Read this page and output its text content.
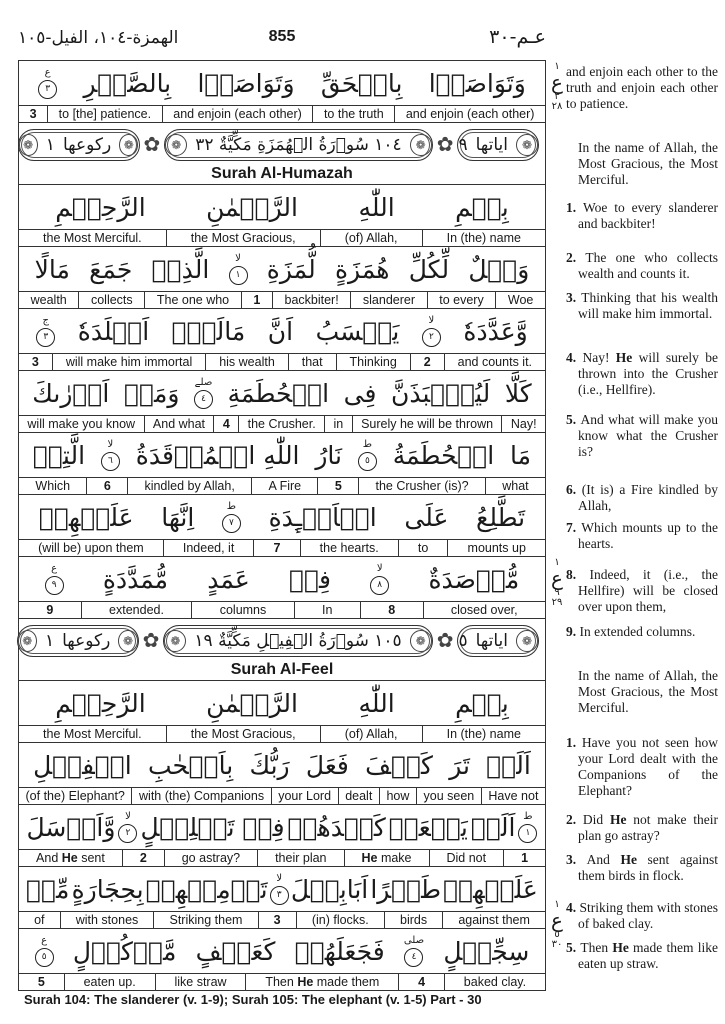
الهمزة-١٠٤، الفيل-١٠٥	855	عـم-٣٠
وَتَوَاصَوۡا
بِالۡحَقِّ
وَتَوَاصَوۡا
بِالصَّبۡرِ
ع
٣
and enjoin (each other)
to the truth
and enjoin (each other)
to [the] patience.
3
❁
اياتها
٩
✿
❁
١٠٤ سُوۡرَةُ الۡهُمَزَةِ مَكِّيَّةٌ ٣٢
❁
✿
❁
ركوعها
١
❁
Surah Al-Humazah
بِسۡمِ
اللّٰهِ
الرَّحۡمٰنِ
الرَّحِيۡمِ
In (the) name
(of) Allah,
the Most Gracious,
the Most Merciful.
وَيۡلٌ
لِّكُلِّ
هُمَزَةٍ
لُّمَزَةِ
لا
١
الَّذِىۡ
جَمَعَ
مَالًا
Woe
to every
slanderer
backbiter!
1
The one who
collects
wealth
وَّعَدَّدَهٗ
لا
٢
يَحۡسَبُ
اَنَّ
مَالَهٗۤ
اَخۡلَدَهٗ
ج
٣
and counts it.
2
Thinking
that
his wealth
will make him immortal
3
كَلَّا
لَيُنۡۢبَذَنَّ
فِى
الۡحُطَمَةِ
صلے
٤
وَمَاۤ
اَدۡرٰىكَ
Nay!
Surely he will be thrown
in
the Crusher.
4
And what
will make you know
مَا
الۡحُطَمَةُ
ط
٥
نَارُ
اللّٰهِ الۡمُوۡقَدَةُ
لا
٦
الَّتِىۡ
what
the Crusher (is)?
5
A Fire
kindled by Allah,
6
Which
تَطَّلِعُ
عَلَى
الۡاَفۡـِٕدَةِ
ط
٧
اِنَّهَا
عَلَيۡهِمۡ
mounts up
to
the hearts.
7
Indeed, it
(will be) upon them
مُّؤۡصَدَةٌ
لا
٨
فِىۡ
عَمَدٍ
مُّمَدَّدَةٍ
ع
٩
closed over,
8
In
columns
extended.
9
❁
اياتها
٥
✿
❁
١٠٥ سُوۡرَةُ الۡفِيۡلِ مَكِّيَّةٌ ١٩
❁
✿
❁
ركوعها
١
❁
Surah Al-Feel
بِسۡمِ
اللّٰهِ
الرَّحۡمٰنِ
الرَّحِيۡمِ
In (the) name
(of) Allah,
the Most Gracious,
the Most Merciful.
اَلَمۡ
تَرَ
كَيۡفَ
فَعَلَ
رَبُّكَ
بِاَصۡحٰبِ
الۡفِيۡلِ
Have not
you seen
how
dealt
your Lord
with (the) Companions
(of the) Elephant?
ط
١
اَلَمۡ
يَجۡعَلۡ
كَيۡدَهُمۡ
فِىۡ تَضۡلِيۡلٍ
لا
٢
وَّاَرۡسَلَ
1
Did not
He make
their plan
go astray?
2
And He sent
عَلَيۡهِمۡ
طَيۡرًا
اَبَابِيۡلَ
لا
٣
تَرۡمِيۡهِمۡ
بِحِجَارَةٍ
مِّنۡ
against them
birds
(in) flocks.
3
Striking them
with stones
of
سِجِّيۡلٍ
صلى
٤
فَجَعَلَهُمۡ
كَعَصۡفٍ
مَّاۡكُوۡلٍ
ع
٥
baked clay.
4
Then He made them
like straw
eaten up.
5
and enjoin each other to the truth and enjoin each other to patience.
In the name of Allah, the Most Gracious, the Most Merciful.
1. Woe to every slanderer and backbiter!
2. The one who collects wealth and counts it.
3. Thinking that his wealth will make him immortal.
4. Nay! He will surely be thrown into the Crusher (i.e., Hellfire).
5. And what will make you know what the Crusher is?
6. (It is) a Fire kindled by Allah,
7. Which mounts up to the hearts.
8. Indeed, it (i.e., the Hellfire) will be closed over upon them,
9. In extended columns.
In the name of Allah, the Most Gracious, the Most Merciful.
1. Have you not seen how your Lord dealt with the Companions of the Elephant?
2. Did He not make their plan go astray?
3. And He sent against them birds in flock.
4. Striking them with stones of baked clay.
5. Then He made them like eaten up straw.
Surah 104: The slanderer (v. 1-9); Surah 105: The elephant (v. 1-5) Part - 30
١
ع
٣
٢٨
١
ع
٩
٢٩
١
ع
٥
٣٠
